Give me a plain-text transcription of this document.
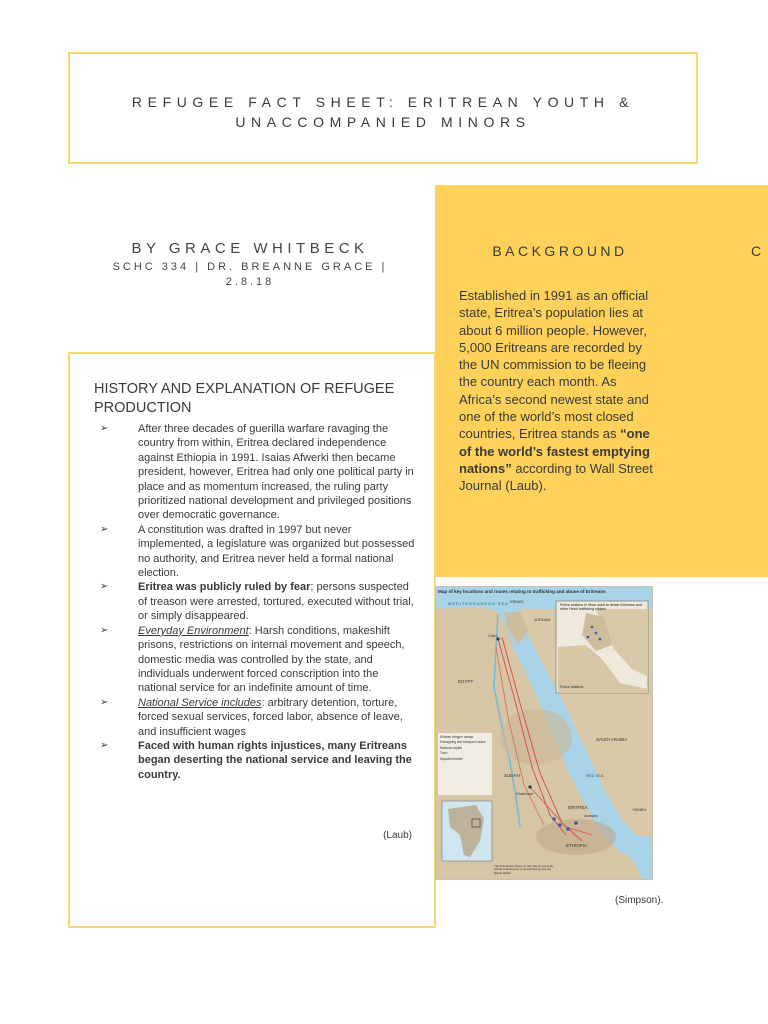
REFUGEE FACT SHEET: ERITREAN YOUTH &
UNACCOMPANIED MINORS
BY GRACE WHITBECK
SCHC 334 | DR. BREANNE GRACE |
2.8.18
BACKGROUND	C
Established in 1991 as an official state, Eritrea’s population lies at about 6 million people. However, 5,000 Eritreans are recorded by the UN commission to be fleeing the country each month. As Africa’s second newest state and one of the world’s most closed countries, Eritrea stands as “one of the world’s fastest emptying nations” according to Wall Street Journal (Laub).
HISTORY AND EXPLANATION OF REFUGEE PRODUCTION
➢	After three decades of guerilla warfare ravaging the country from within, Eritrea declared independence against Ethiopia in 1991. Isaias Afwerki then became president, however, Eritrea had only one political party in place and as momentum increased, the ruling party prioritized national development and privileged positions over democratic governance.
➢	A constitution was drafted in 1997 but never implemented, a legislature was organized but possessed no authority, and Eritrea never held a formal national election.
➢	Eritrea was publicly ruled by fear; persons suspected of treason were arrested, tortured, executed without trial, or simply disappeared.
➢	Everyday Environment: Harsh conditions, makeshift prisons, restrictions on internal movement and speech, domestic media was controlled by the state, and individuals underwent forced conscription into the national service for an indefinite amount of time.
➢	National Service includes: arbitrary detention, torture, forced sexual services, forced labor, absence of leave, and insufficient wages
➢	Faced with human rights injustices, many Eritreans began deserting the national service and leaving the country.
(Laub)
Map of key locations and routes relating to trafficking and abuse of Eritreans
MEDITERRANEAN SEA ISRAEL
JORDAN
Cairo
EGYPT
SUDAN
SAUDI ARABIA
RED SEA
ERITREA
Asmara
Khartoum
ETHIOPIA
YEMEN
Police stations in Sinai used to detain Eritreans and other Head trafficking victims
Police stations
Eritrean refugee camps
Kidnapping and transport routes
National capital
Town
Disputed border
The boundaries shown on this map do not imply official endorsement or acceptance by Human Rights Watch.
(Simpson).
